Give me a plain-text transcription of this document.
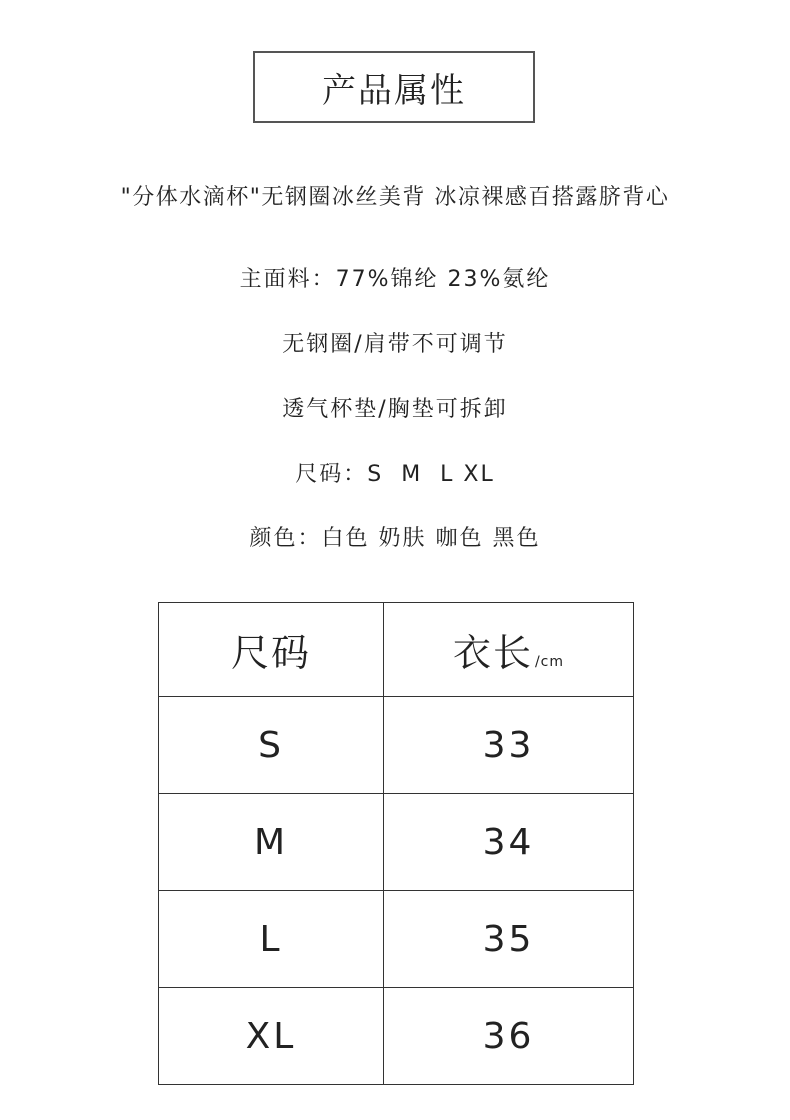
产品属性
"分体水滴杯"无钢圈冰丝美背 冰凉裸感百搭露脐背心
主面料：77%锦纶 23%氨纶
无钢圈/肩带不可调节
透气杯垫/胸垫可拆卸
尺码：S  M  L XL
颜色：白色 奶肤 咖色 黑色
尺码	衣长 /cm
S	33
M	34
L	35
XL	36
